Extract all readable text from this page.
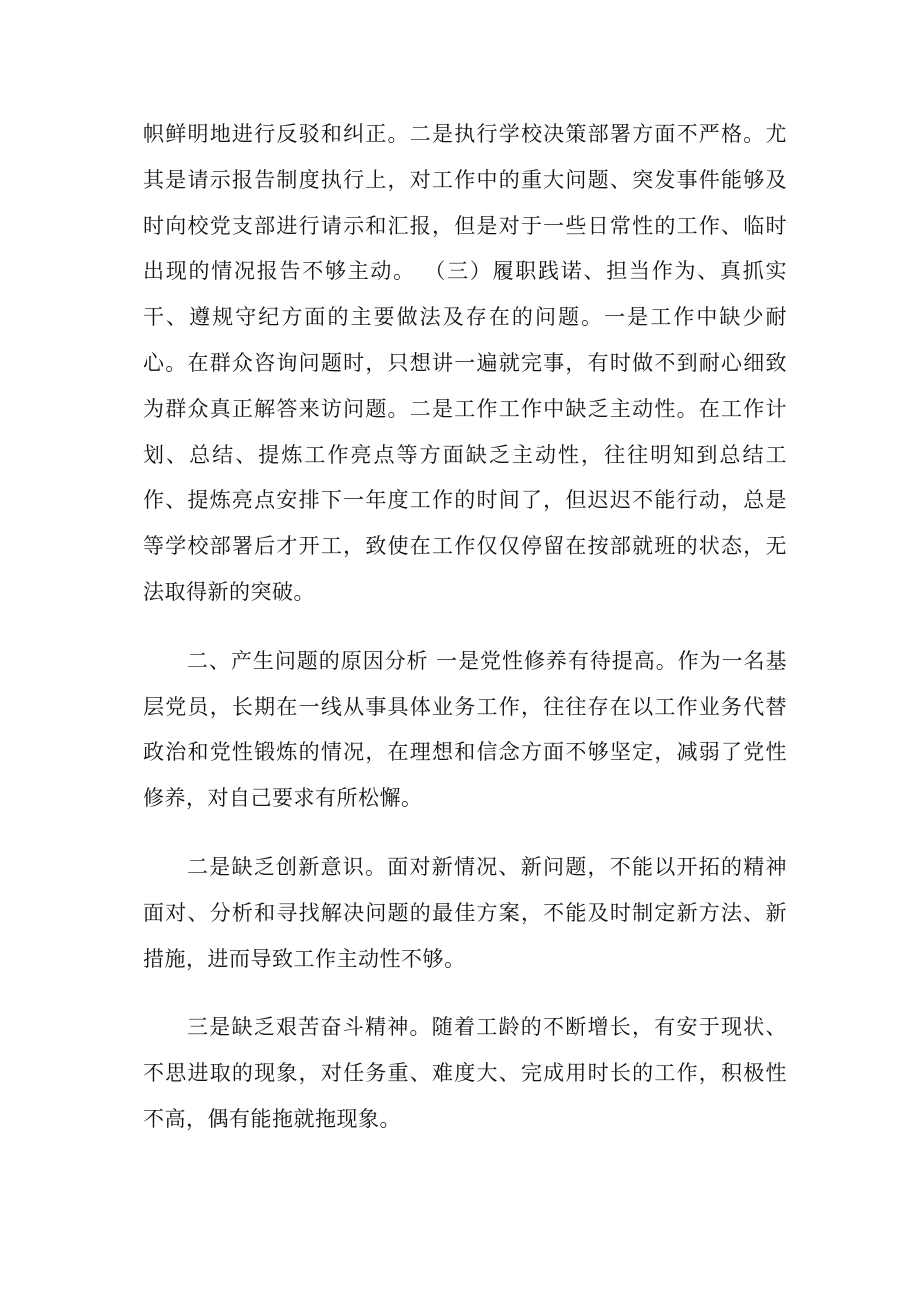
帜鲜明地进行反驳和纠正。二是执行学校决策部署方面不严格。尤其是请示报告制度执行上，对工作中的重大问题、突发事件能够及时向校党支部进行请示和汇报，但是对于一些日常性的工作、临时出现的情况报告不够主动。 （三）履职践诺、担当作为、真抓实干、遵规守纪方面的主要做法及存在的问题。一是工作中缺少耐心。在群众咨询问题时，只想讲一遍就完事，有时做不到耐心细致为群众真正解答来访问题。二是工作工作中缺乏主动性。在工作计划、总结、提炼工作亮点等方面缺乏主动性，往往明知到总结工作、提炼亮点安排下一年度工作的时间了，但迟迟不能行动，总是等学校部署后才开工，致使在工作仅仅停留在按部就班的状态，无法取得新的突破。

二、产生问题的原因分析 一是党性修养有待提高。作为一名基层党员，长期在一线从事具体业务工作，往往存在以工作业务代替政治和党性锻炼的情况，在理想和信念方面不够坚定，减弱了党性修养，对自己要求有所松懈。

二是缺乏创新意识。面对新情况、新问题，不能以开拓的精神面对、分析和寻找解决问题的最佳方案，不能及时制定新方法、新措施，进而导致工作主动性不够。

三是缺乏艰苦奋斗精神。随着工龄的不断增长，有安于现状、不思进取的现象，对任务重、难度大、完成用时长的工作，积极性不高，偶有能拖就拖现象。
